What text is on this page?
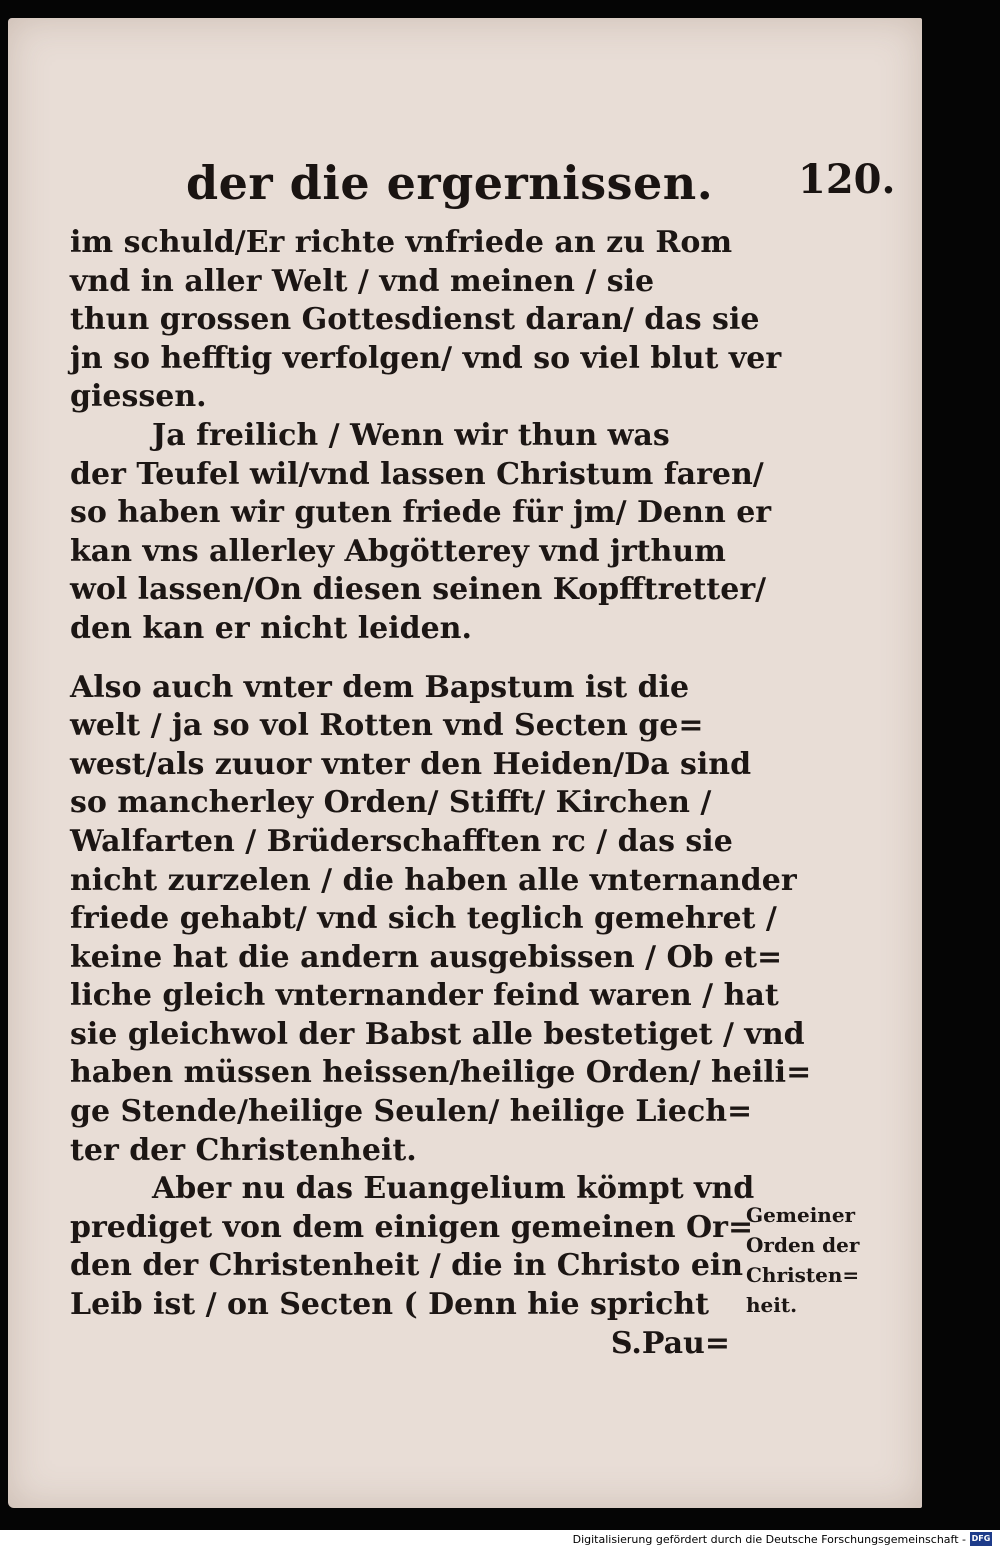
der die ergernissen. 120.
im schuld/Er richte vnfriede an zu Rom
vnd in aller Welt / vnd meinen / sie
thun grossen Gottesdienst daran/ das sie
jn so hefftig verfolgen/ vnd so viel blut ver
giessen.
Ja freilich / Wenn wir thun was
der Teufel wil/vnd lassen Christum faren/
so haben wir guten friede für jm/ Denn er
kan vns allerley Abgötterey vnd jrthum
wol lassen/On diesen seinen Kopfftretter/
den kan er nicht leiden.
Also auch vnter dem Bapstum ist die
welt / ja so vol Rotten vnd Secten ge=
west/als zuuor vnter den Heiden/Da sind
so mancherley Orden/ Stifft/ Kirchen /
Walfarten / Brüderschafften rc / das sie
nicht zurzelen / die haben alle vnternander
friede gehabt/ vnd sich teglich gemehret /
keine hat die andern ausgebissen / Ob et=
liche gleich vnternander feind waren / hat
sie gleichwol der Babst alle bestetiget / vnd
haben müssen heissen/heilige Orden/ heili=
ge Stende/heilige Seulen/ heilige Liech=
ter der Christenheit.
Aber nu das Euangelium kömpt vnd
prediget von dem einigen gemeinen Or=
den der Christenheit / die in Christo ein
Leib ist / on Secten ( Denn hie spricht
S.Pau=
Gemeiner
Orden der
Christen=
heit.
Digitalisierung gefördert durch die Deutsche Forschungsgemeinschaft - DFG
